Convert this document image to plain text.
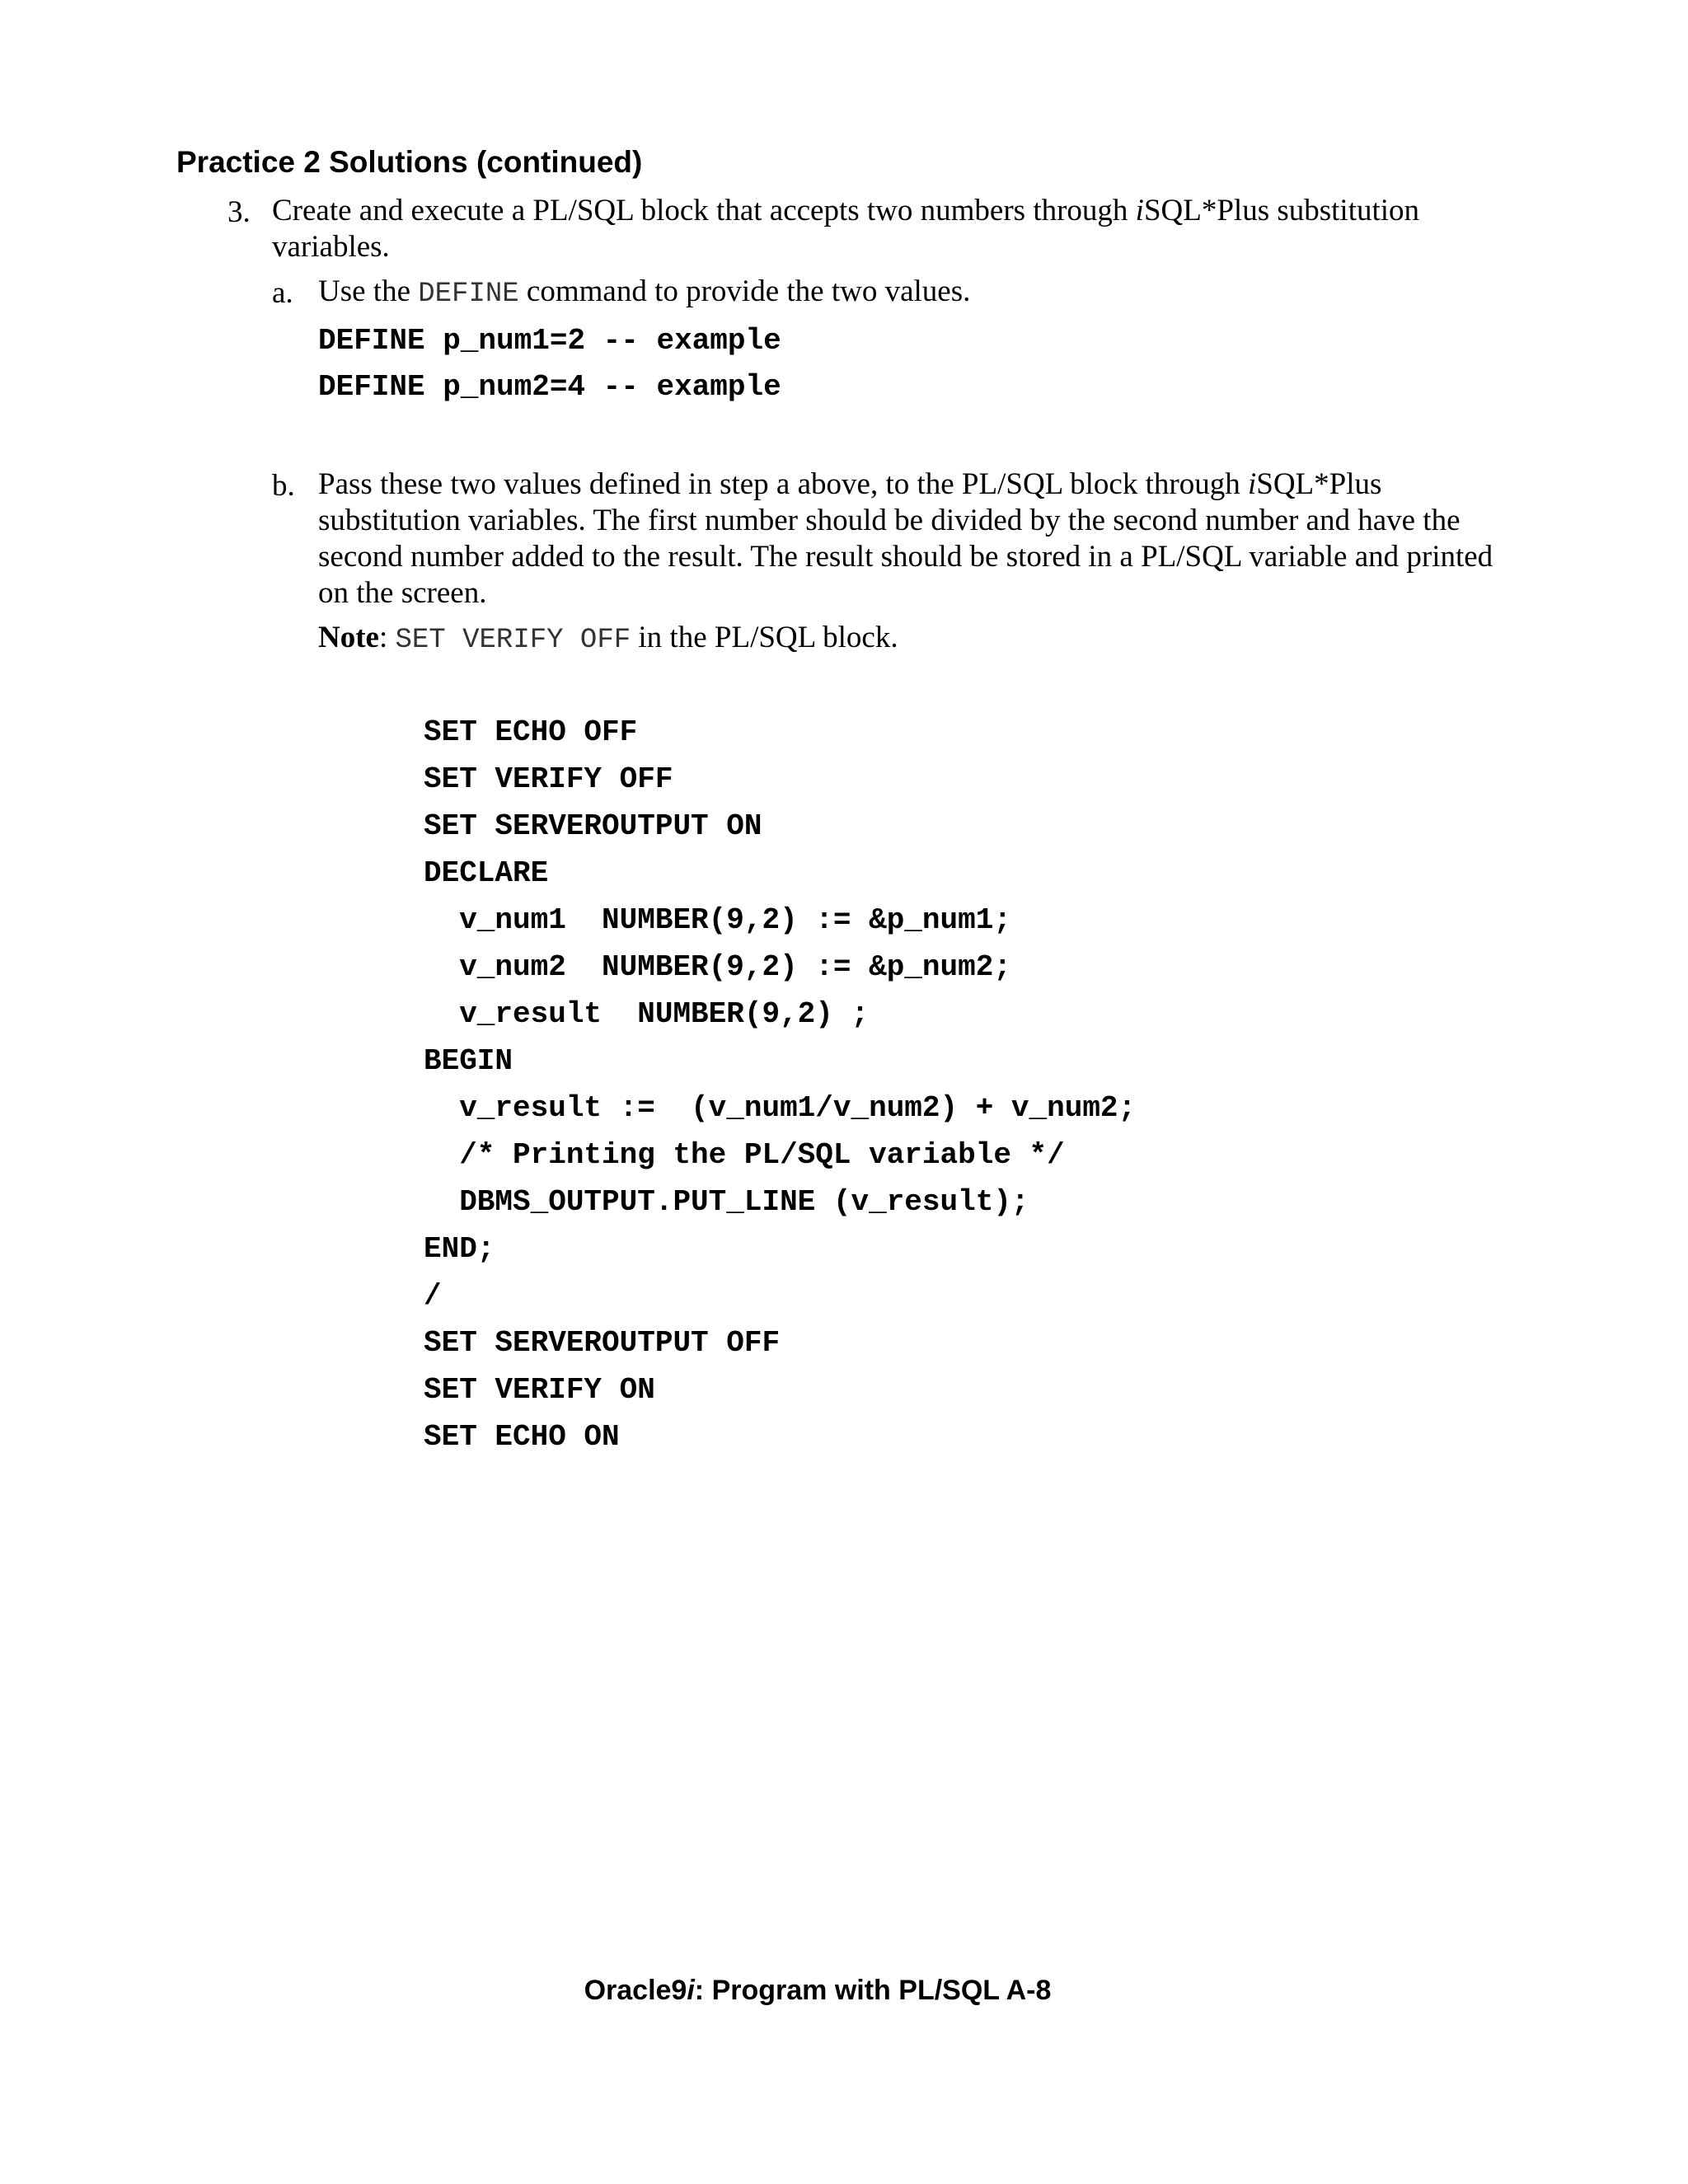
Practice 2 Solutions (continued)
3. Create and execute a PL/SQL block that accepts two numbers through iSQL*Plus substitution
variables.
a. Use the DEFINE command to provide the two values.
DEFINE p_num1=2 -- example
DEFINE p_num2=4 -- example
b. Pass these two values defined in step a above, to the PL/SQL block through iSQL*Plus
substitution variables. The first number should be divided by the second number and have the
second number added to the result. The result should be stored in a PL/SQL variable and printed
on the screen.
Note: SET VERIFY OFF in the PL/SQL block.
SET ECHO OFF
SET VERIFY OFF
SET SERVEROUTPUT ON
DECLARE
v_num1  NUMBER(9,2) := &p_num1;
v_num2  NUMBER(9,2) := &p_num2;
v_result  NUMBER(9,2) ;
BEGIN
v_result :=  (v_num1/v_num2) + v_num2;
/* Printing the PL/SQL variable */
DBMS_OUTPUT.PUT_LINE (v_result);
END;
/
SET SERVEROUTPUT OFF
SET VERIFY ON
SET ECHO ON
Oracle9i: Program with PL/SQL A-8
